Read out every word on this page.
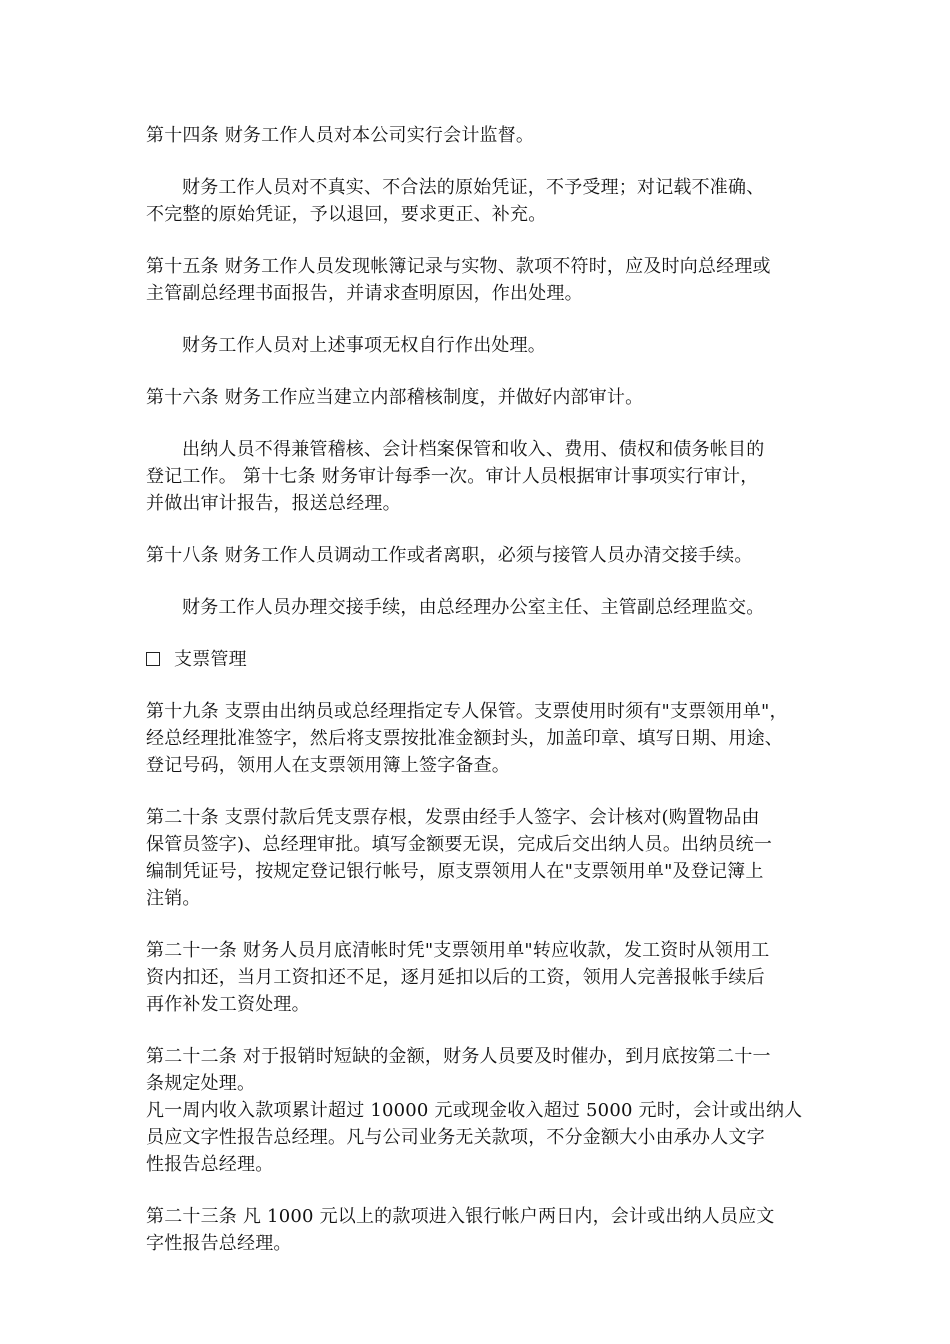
第十四条 财务工作人员对本公司实行会计监督。

财务工作人员对不真实、不合法的原始凭证，不予受理；对记载不准确、
不完整的原始凭证，予以退回，要求更正、补充。

第十五条 财务工作人员发现帐簿记录与实物、款项不符时，应及时向总经理或
主管副总经理书面报告，并请求查明原因，作出处理。

财务工作人员对上述事项无权自行作出处理。

第十六条 财务工作应当建立内部稽核制度，并做好内部审计。

出纳人员不得兼管稽核、会计档案保管和收入、费用、债权和债务帐目的
登记工作。 第十七条 财务审计每季一次。审计人员根据审计事项实行审计，
并做出审计报告，报送总经理。

第十八条 财务工作人员调动工作或者离职，必须与接管人员办清交接手续。

财务工作人员办理交接手续，由总经理办公室主任、主管副总经理监交。

支票管理

第十九条 支票由出纳员或总经理指定专人保管。支票使用时须有"支票领用单"，
经总经理批准签字，然后将支票按批准金额封头，加盖印章、填写日期、用途、
登记号码，领用人在支票领用簿上签字备查。

第二十条 支票付款后凭支票存根，发票由经手人签字、会计核对(购置物品由
保管员签字)、总经理审批。填写金额要无误，完成后交出纳人员。出纳员统一
编制凭证号，按规定登记银行帐号，原支票领用人在"支票领用单"及登记簿上
注销。

第二十一条 财务人员月底清帐时凭"支票领用单"转应收款，发工资时从领用工
资内扣还，当月工资扣还不足，逐月延扣以后的工资，领用人完善报帐手续后
再作补发工资处理。

第二十二条 对于报销时短缺的金额，财务人员要及时催办，到月底按第二十一
条规定处理。

凡一周内收入款项累计超过 10000 元或现金收入超过 5000 元时，会计或出纳人
员应文字性报告总经理。凡与公司业务无关款项，不分金额大小由承办人文字
性报告总经理。

第二十三条 凡 1000 元以上的款项进入银行帐户两日内，会计或出纳人员应文
字性报告总经理。
